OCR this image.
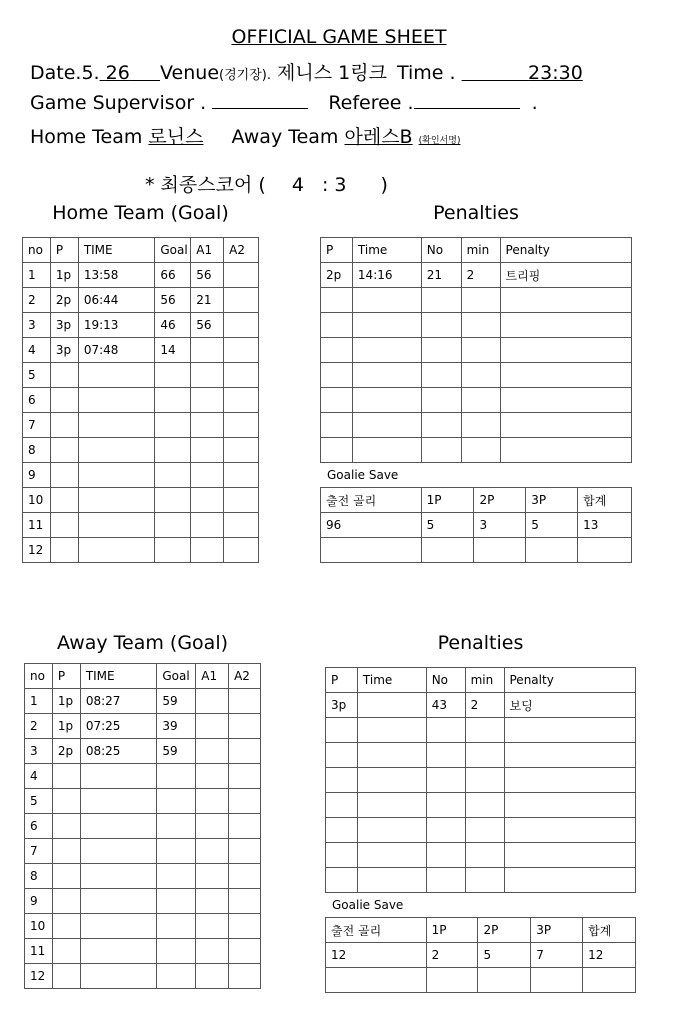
OFFICIAL GAME SHEET
Date.5. 26 Venue(경기장). 제니스 1링크 Time .	23:30
Game Supervisor .	Referee .	.
Home Team 로닌스 Away Team 아레스B (확인서명)
* 최종스코어 ( 4 : 3 )
Home Team (Goal)	Penalties
no	P	TIME	Goal	A1	A2
1	1p	13:58	66	56	
2	2p	06:44	56	21	
3	3p	19:13	46	56	
4	3p	07:48	14		
5					
6					
7					
8					
9					
10					
11					
12					
P	Time	No	min	Penalty
2p	14:16	21	2	트리핑

Goalie Save
출전 골리	1P	2P	3P	합계
96	5	3	5	13

Away Team (Goal)	Penalties
no	P	TIME	Goal	A1	A2
1	1p	08:27	59		
2	1p	07:25	39		
3	2p	08:25	59		
4					
5					
6					
7					
8					
9					
10					
11					
12					
P	Time	No	min	Penalty
3p		43	2	보딩

Goalie Save
출전 골리	1P	2P	3P	합계
12	2	5	7	12
